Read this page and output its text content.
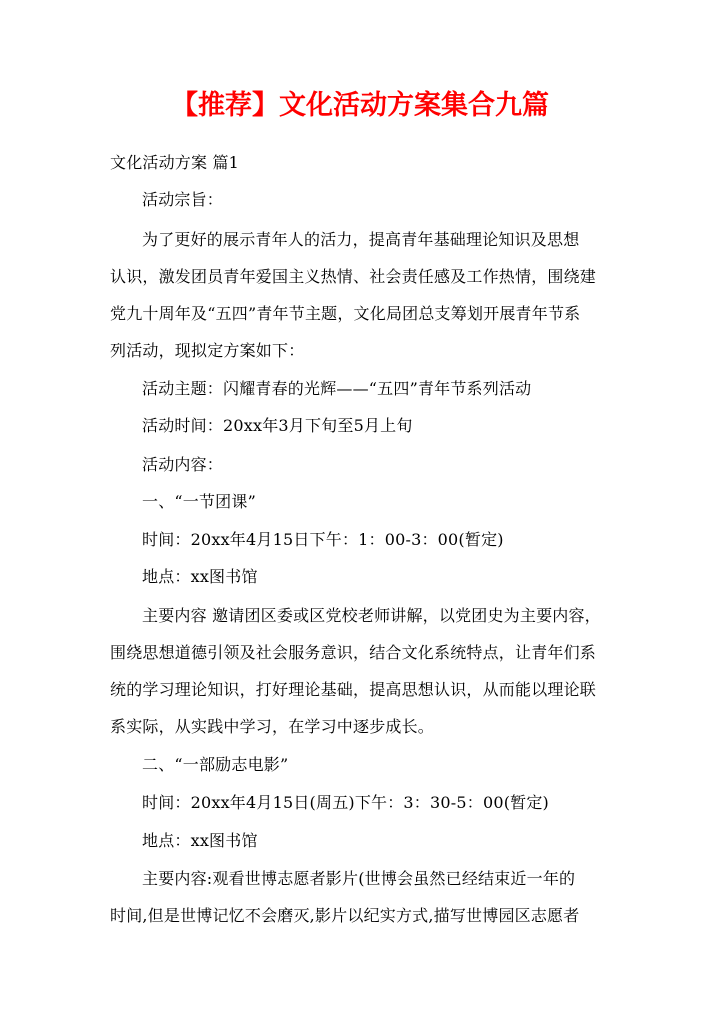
【推荐】文化活动方案集合九篇
文化活动方案 篇1
活动宗旨：
为了更好的展示青年人的活力，提高青年基础理论知识及思想
认识，激发团员青年爱国主义热情、社会责任感及工作热情，围绕建
党九十周年及“五四”青年节主题，文化局团总支筹划开展青年节系
列活动，现拟定方案如下：
活动主题：闪耀青春的光辉——“五四”青年节系列活动
活动时间：20xx年3月下旬至5月上旬
活动内容：
一、“一节团课”
时间：20xx年4月15日下午：1：00-3：00(暂定)
地点：xx图书馆
主要内容 邀请团区委或区党校老师讲解，以党团史为主要内容，
围绕思想道德引领及社会服务意识，结合文化系统特点，让青年们系
统的学习理论知识，打好理论基础，提高思想认识，从而能以理论联
系实际，从实践中学习，在学习中逐步成长。
二、“一部励志电影”
时间：20xx年4月15日(周五)下午：3：30-5：00(暂定)
地点：xx图书馆
主要内容:观看世博志愿者影片(世博会虽然已经结束近一年的
时间,但是世博记忆不会磨灭,影片以纪实方式,描写世博园区志愿者
